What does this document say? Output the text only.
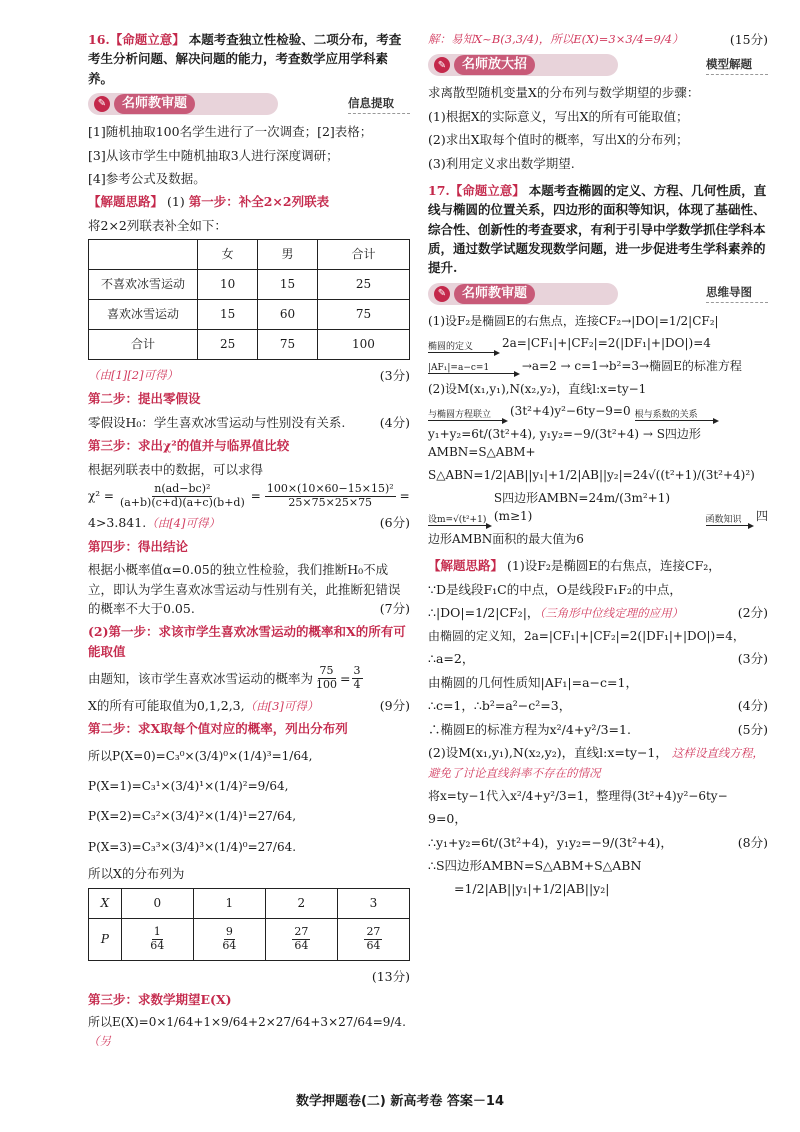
16.【命题立意】 本题考查独立性检验、二项分布，考查考生分析问题、解决问题的能力，考查数学应用学科素养。
✎	名师教审题	信息提取
[1]随机抽取100名学生进行了一次调查；[2]表格；
[3]从该市学生中随机抽取3人进行深度调研；
[4]参考公式及数据。
【解题思路】 (1) 第一步：补全2×2列联表
将2×2列联表补全如下：
	女	男	合计
不喜欢冰雪运动	10	15	25
喜欢冰雪运动	15	60	75
合计	25	75	100
（由[1][2]可得）	(3分)
第二步：提出零假设
零假设H₀：学生喜欢冰雪运动与性别没有关系.	(4分)
第三步：求出χ²的值并与临界值比较
根据列联表中的数据，可以求得
$\chi^2 = \frac{\text{n(ad−bc)²}}{(a+b)(c+d)(a+c)(b+d)} = \frac{\text{100×(10×60−15×15)²}}{25\times 75\times 25\times 75}$ =
4>3.841.（由[4]可得）	(6分)
第四步：得出结论
根据小概率值α=0.05的独立性检验，我们推断H₀不成立，即认为学生喜欢冰雪运动与性别有关，此推断犯错误的概率不大于0.05.	(7分)
(2)第一步：求该市学生喜欢冰雪运动的概率和X的所有可能取值
由题知，该市学生喜欢冰雪运动的概率为 $\frac{75}{100} = \frac{3}{4}$
X的所有可能取值为0,1,2,3,（由[3]可得）	(9分)
第二步：求X取每个值对应的概率，列出分布列
所以P(X=0)=C₃⁰×(3/4)⁰×(1/4)³=1/64,
P(X=1)=C₃¹×(3/4)¹×(1/4)²=9/64,
P(X=2)=C₃²×(3/4)²×(1/4)¹=27/64,
P(X=3)=C₃³×(3/4)³×(1/4)⁰=27/64.
所以X的分布列为
X	0	1	2	3
P	$\frac{1}{64}$	$\frac{9}{64}$	$\frac{27}{64}$	$\frac{27}{64}$
(13分)
第三步：求数学期望E(X)
所以E(X)=0×1/64+1×9/64+2×27/64+3×27/64=9/4.（另
解：易知X~B(3,3/4)，所以E(X)=3×3/4=9/4）	(15分)
✎	名师放大招	模型解题
求离散型随机变量X的分布列与数学期望的步骤：
(1)根据X的实际意义，写出X的所有可能取值；
(2)求出X取每个值时的概率，写出X的分布列；
(3)利用定义求出数学期望.
17.【命题立意】 本题考查椭圆的定义、方程、几何性质，直线与椭圆的位置关系，四边形的面积等知识，体现了基础性、综合性、创新性的考查要求，有利于引导中学数学抓住学科本质，通过数学试题发现数学问题，进一步促进考生学科素养的提升.
✎	名师教审题	思维导图
(1)设F₂是椭圆E的右焦点，连接CF₂→|DO|=1/2|CF₂|
椭圆的定义	2a=|CF₁|+|CF₂|=2(|DF₁|+|DO|)=4
|AF₁|=a−c=1	→a=2 → c=1→b²=3→椭圆E的标准方程
(2)设M(x₁,y₁),N(x₂,y₂)，直线l:x=ty−1
与椭圆方程联立	(3t²+4)y²−6ty−9=0 根与系数的关系
y₁+y₂=6t/(3t²+4), y₁y₂=−9/(3t²+4) → S四边形AMBN=S△ABM+
S△ABN=1/2|AB||y₁|+1/2|AB||y₂|=24√((t²+1)/(3t²+4)²)
设m=√(t²+1)
S四边形AMBN=24m/(3m²+1)(m≥1)	函数知识	四
边形AMBN面积的最大值为6
【解题思路】 (1)设F₂是椭圆E的右焦点，连接CF₂，
∵D是线段F₁C的中点，O是线段F₁F₂的中点，
∴|DO|=1/2|CF₂|，（三角形中位线定理的应用）	(2分)
由椭圆的定义知，2a=|CF₁|+|CF₂|=2(|DF₁|+|DO|)=4，
∴a=2，	(3分)
由椭圆的几何性质知|AF₁|=a−c=1，
∴c=1，∴b²=a²−c²=3，	(4分)
∴椭圆E的标准方程为x²/4+y²/3=1.	(5分)
(2)设M(x₁,y₁),N(x₂,y₂)，直线l:x=ty−1， 这样设直线方程，避免了讨论直线斜率不存在的情况
将x=ty−1代入x²/4+y²/3=1，整理得(3t²+4)y²−6ty−
9=0，
∴y₁+y₂=6t/(3t²+4)，y₁y₂=−9/(3t²+4)，	(8分)
∴S四边形AMBN=S△ABM+S△ABN
=1/2|AB||y₁|+1/2|AB||y₂|
数学押题卷(二) 新高考卷 答案－14
